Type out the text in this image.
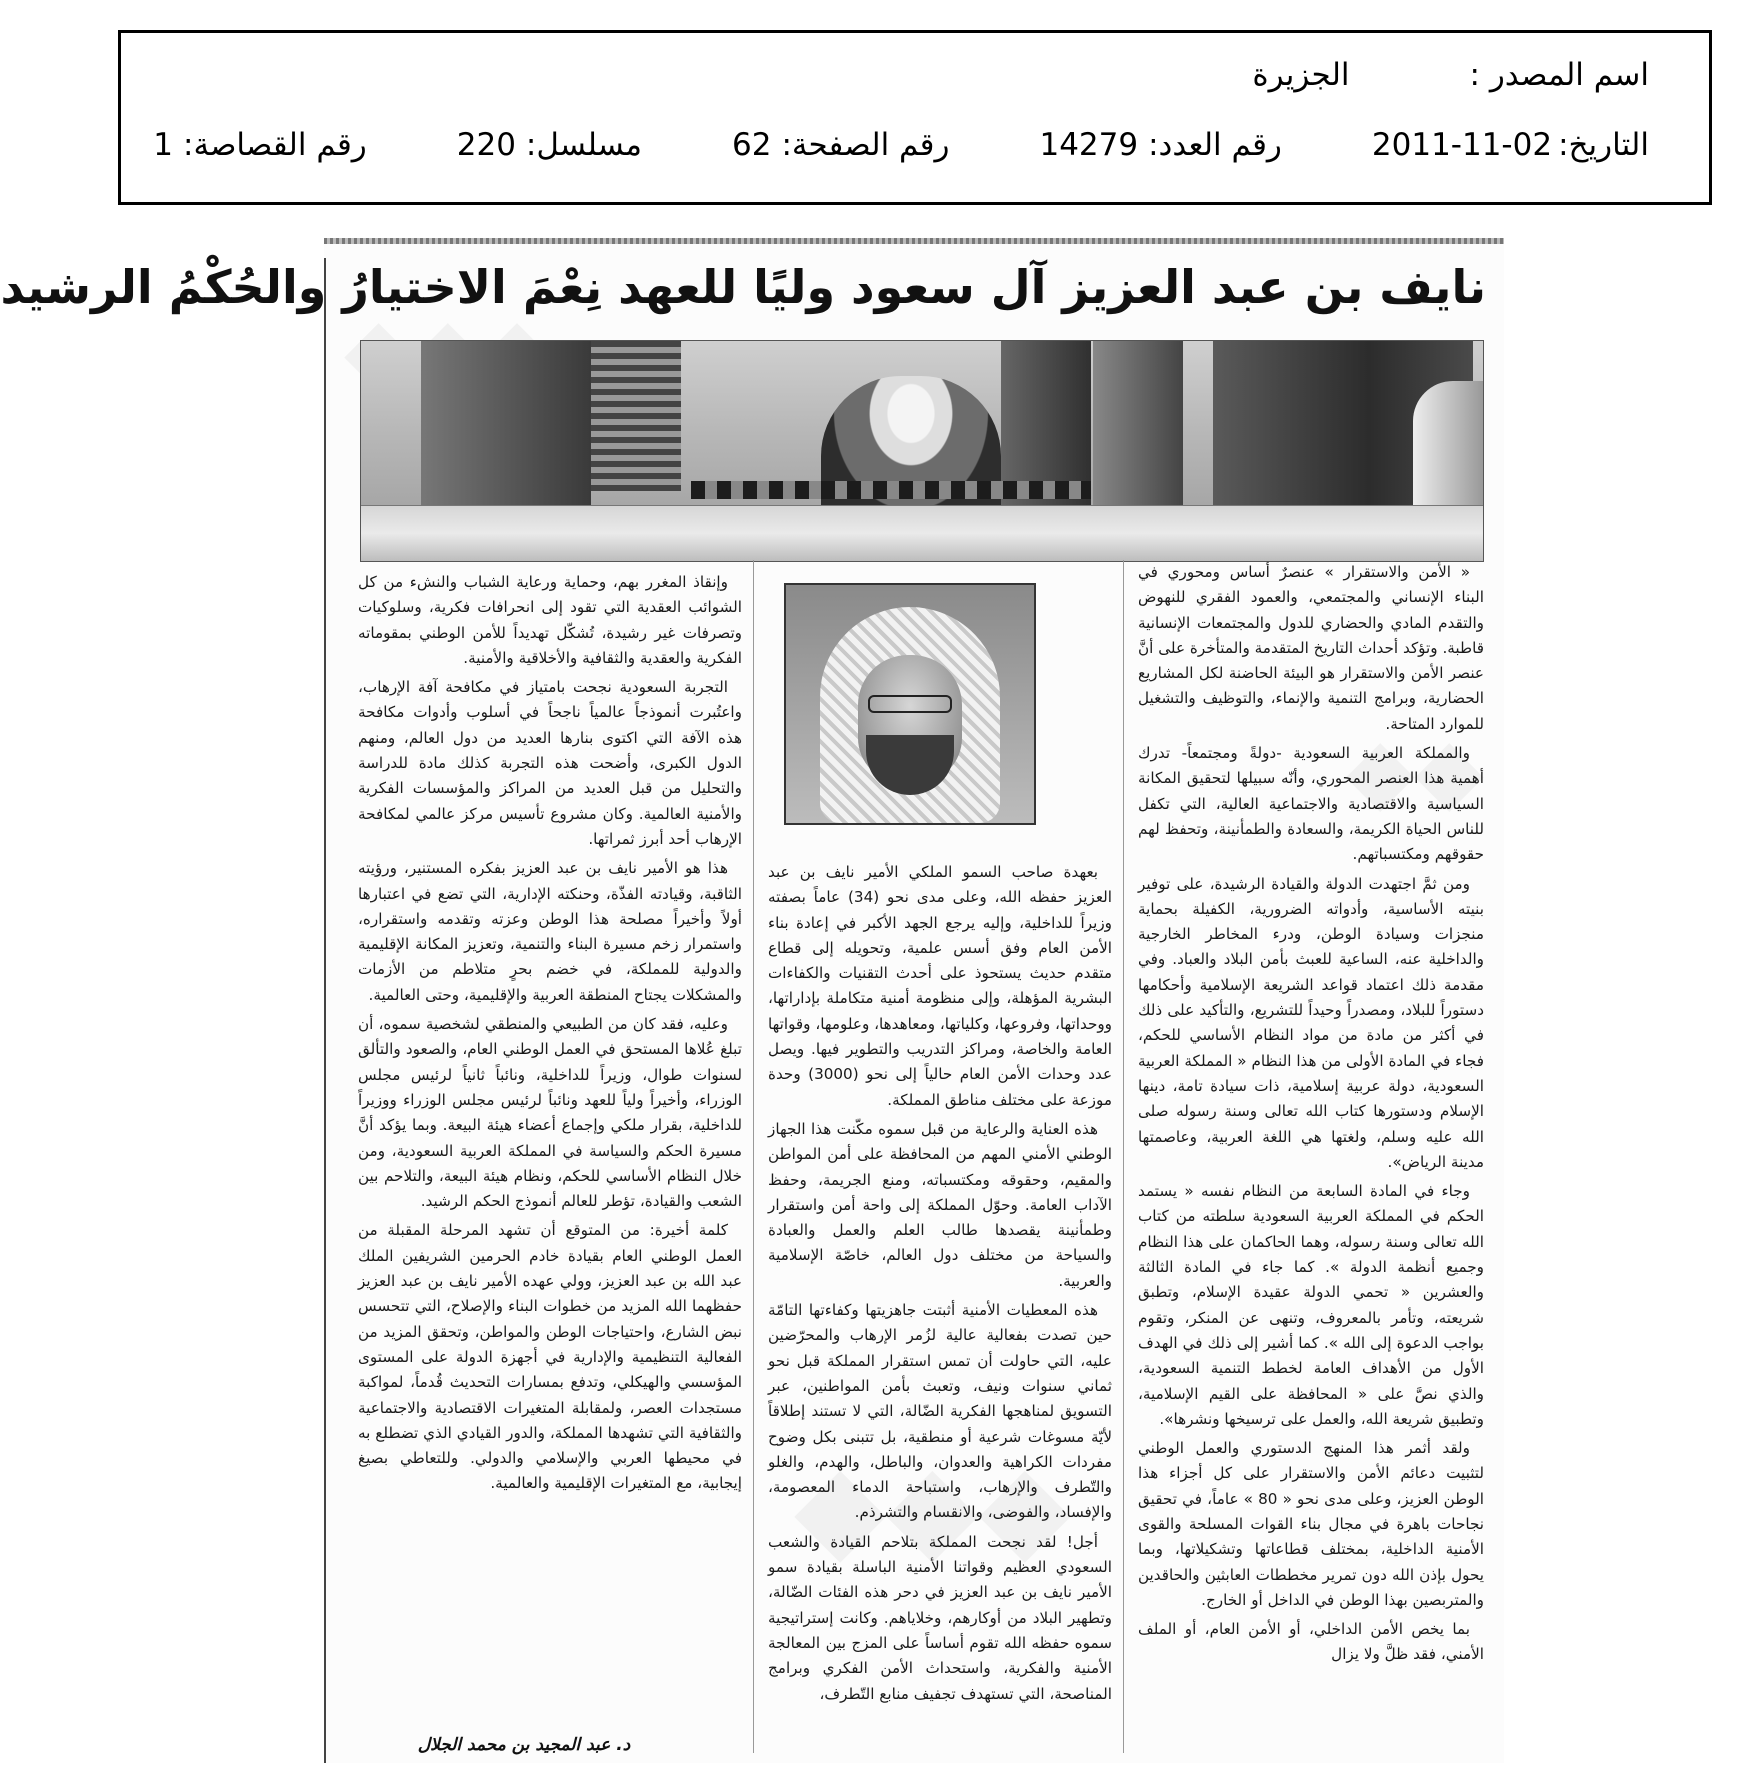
اسم المصدر :
الجزيرة
التاريخ:
2011-11-02
رقم العدد:
14279
رقم الصفحة:
62
مسلسل:
220
رقم القصاصة:
1
نايف بن عبد العزيز آل سعود وليًا للعهد نِعْمَ الاختيارُ والحُكْمُ الرشيد

« الأمن والاستقرار » عنصرٌ أساس ومحوري في البناء الإنساني والمجتمعي، والعمود الفقري للنهوض والتقدم المادي والحضاري للدول والمجتمعات الإنسانية قاطبة. وتؤكد أحداث التاريخ المتقدمة والمتأخرة على أنَّ عنصر الأمن والاستقرار هو البيئة الحاضنة لكل المشاريع الحضارية، وبرامج التنمية والإنماء، والتوظيف والتشغيل للموارد المتاحة.

والمملكة العربية السعودية -دولةً ومجتمعاً- تدرك أهمية هذا العنصر المحوري، وأنّه سبيلها لتحقيق المكانة السياسية والاقتصادية والاجتماعية العالية، التي تكفل للناس الحياة الكريمة، والسعادة والطمأنينة، وتحفظ لهم حقوقهم ومكتسباتهم.

ومن ثمَّ اجتهدت الدولة والقيادة الرشيدة، على توفير بنيته الأساسية، وأدواته الضرورية، الكفيلة بحماية منجزات وسيادة الوطن، ودرء المخاطر الخارجية والداخلية عنه، الساعية للعبث بأمن البلاد والعباد. وفي مقدمة ذلك اعتماد قواعد الشريعة الإسلامية وأحكامها دستوراً للبلاد، ومصدراً وحيداً للتشريع، والتأكيد على ذلك في أكثر من مادة من مواد النظام الأساسي للحكم، فجاء في المادة الأولى من هذا النظام « المملكة العربية السعودية، دولة عربية إسلامية، ذات سيادة تامة، دينها الإسلام ودستورها كتاب الله تعالى وسنة رسوله صلى الله عليه وسلم، ولغتها هي اللغة العربية، وعاصمتها مدينة الرياض».

وجاء في المادة السابعة من النظام نفسه « يستمد الحكم في المملكة العربية السعودية سلطته من كتاب الله تعالى وسنة رسوله، وهما الحاكمان على هذا النظام وجميع أنظمة الدولة ». كما جاء في المادة الثالثة والعشرين « تحمي الدولة عقيدة الإسلام، وتطبق شريعته، وتأمر بالمعروف، وتنهى عن المنكر، وتقوم بواجب الدعوة إلى الله ». كما أشير إلى ذلك في الهدف الأول من الأهداف العامة لخطط التنمية السعودية، والذي نصَّ على « المحافظة على القيم الإسلامية، وتطبيق شريعة الله، والعمل على ترسيخها ونشرها».

ولقد أثمر هذا المنهج الدستوري والعمل الوطني لتثبيت دعائم الأمن والاستقرار على كل أجزاء هذا الوطن العزيز، وعلى مدى نحو « 80 » عاماً، في تحقيق نجاحات باهرة في مجال بناء القوات المسلحة والقوى الأمنية الداخلية، بمختلف قطاعاتها وتشكيلاتها، وبما يحول بإذن الله دون تمرير مخططات العابثين والحاقدين والمتربصين بهذا الوطن في الداخل أو الخارج.

بما يخص الأمن الداخلي، أو الأمن العام، أو الملف الأمني، فقد ظلَّ ولا يزال

بعهدة صاحب السمو الملكي الأمير نايف بن عبد العزيز حفظه الله، وعلى مدى نحو (34) عاماً بصفته وزيراً للداخلية، وإليه يرجع الجهد الأكبر في إعادة بناء الأمن العام وفق أسس علمية، وتحويله إلى قطاع متقدم حديث يستحوذ على أحدث التقنيات والكفاءات البشرية المؤهلة، وإلى منظومة أمنية متكاملة بإداراتها، ووحداتها، وفروعها، وكلياتها، ومعاهدها، وعلومها، وقواتها العامة والخاصة، ومراكز التدريب والتطوير فيها. ويصل عدد وحدات الأمن العام حالياً إلى نحو (3000) وحدة موزعة على مختلف مناطق المملكة.

هذه العناية والرعاية من قبل سموه مكّنت هذا الجهاز الوطني الأمني المهم من المحافظة على أمن المواطن والمقيم، وحقوقه ومكتسباته، ومنع الجريمة، وحفظ الآداب العامة. وحوّل المملكة إلى واحة أمن واستقرار وطمأنينة يقصدها طالب العلم والعمل والعبادة والسياحة من مختلف دول العالم، خاصّة الإسلامية والعربية.

هذه المعطيات الأمنية أثبتت جاهزيتها وكفاءتها التامّة حين تصدت بفعالية عالية لزُمر الإرهاب والمحرّضين عليه، التي حاولت أن تمس استقرار المملكة قبل نحو ثماني سنوات ونيف، وتعبث بأمن المواطنين، عبر التسويق لمناهجها الفكرية الضّالة، التي لا تستند إطلاقاً لأيّة مسوغات شرعية أو منطقية، بل تتبنى بكل وضوح مفردات الكراهية والعدوان، والباطل، والهدم، والغلو والتّطرف والإرهاب، واستباحة الدماء المعصومة، والإفساد، والفوضى، والانقسام والتشرذم.

أجل! لقد نجحت المملكة بتلاحم القيادة والشعب السعودي العظيم وقواتنا الأمنية الباسلة بقيادة سمو الأمير نايف بن عبد العزيز في دحر هذه الفئات الضّالة، وتطهير البلاد من أوكارهم، وخلاياهم. وكانت إستراتيجية سموه حفظه الله تقوم أساساً على المزج بين المعالجة الأمنية والفكرية، واستحداث الأمن الفكري وبرامج المناصحة، التي تستهدف تجفيف منابع التّطرف،

وإنقاذ المغرر بهم، وحماية ورعاية الشباب والنشء من كل الشوائب العقدية التي تقود إلى انحرافات فكرية، وسلوكيات وتصرفات غير رشيدة، تُشكّل تهديداً للأمن الوطني بمقوماته الفكرية والعقدية والثقافية والأخلاقية والأمنية.

التجربة السعودية نجحت بامتياز في مكافحة آفة الإرهاب، واعتُبرت أنموذجاً عالمياً ناجحاً في أسلوب وأدوات مكافحة هذه الآفة التي اكتوى بنارها العديد من دول العالم، ومنهم الدول الكبرى، وأضحت هذه التجربة كذلك مادة للدراسة والتحليل من قبل العديد من المراكز والمؤسسات الفكرية والأمنية العالمية. وكان مشروع تأسيس مركز عالمي لمكافحة الإرهاب أحد أبرز ثمراتها.

هذا هو الأمير نايف بن عبد العزيز بفكره المستنير، ورؤيته الثاقبة، وقيادته الفذّة، وحنكته الإدارية، التي تضع في اعتبارها أولاً وأخيراً مصلحة هذا الوطن وعزته وتقدمه واستقراره، واستمرار زخم مسيرة البناء والتنمية، وتعزيز المكانة الإقليمية والدولية للمملكة، في خضم بحرٍ متلاطم من الأزمات والمشكلات يجتاح المنطقة العربية والإقليمية، وحتى العالمية.

وعليه، فقد كان من الطبيعي والمنطقي لشخصية سموه، أن تبلغ عُلاها المستحق في العمل الوطني العام، والصعود والتألق لسنوات طوال، وزيراً للداخلية، ونائباً ثانياً لرئيس مجلس الوزراء، وأخيراً ولياً للعهد ونائباً لرئيس مجلس الوزراء ووزيراً للداخلية، بقرار ملكي وإجماع أعضاء هيئة البيعة. وبما يؤكد أنَّ مسيرة الحكم والسياسة في المملكة العربية السعودية، ومن خلال النظام الأساسي للحكم، ونظام هيئة البيعة، والتلاحم بين الشعب والقيادة، تؤطر للعالم أنموذج الحكم الرشيد.

كلمة أخيرة: من المتوقع أن تشهد المرحلة المقبلة من العمل الوطني العام بقيادة خادم الحرمين الشريفين الملك عبد الله بن عبد العزيز، وولي عهده الأمير نايف بن عبد العزيز حفظهما الله المزيد من خطوات البناء والإصلاح، التي تتحسس نبض الشارع، واحتياجات الوطن والمواطن، وتحقق المزيد من الفعالية التنظيمية والإدارية في أجهزة الدولة على المستوى المؤسسي والهيكلي، وتدفع بمسارات التحديث قُدماً، لمواكبة مستجدات العصر، ولمقابلة المتغيرات الاقتصادية والاجتماعية والثقافية التي تشهدها المملكة، والدور القيادي الذي تضطلع به في محيطها العربي والإسلامي والدولي. وللتعاطي بصيغ إيجابية، مع المتغيرات الإقليمية والعالمية.

د. عبد المجيد بن محمد الجلال
